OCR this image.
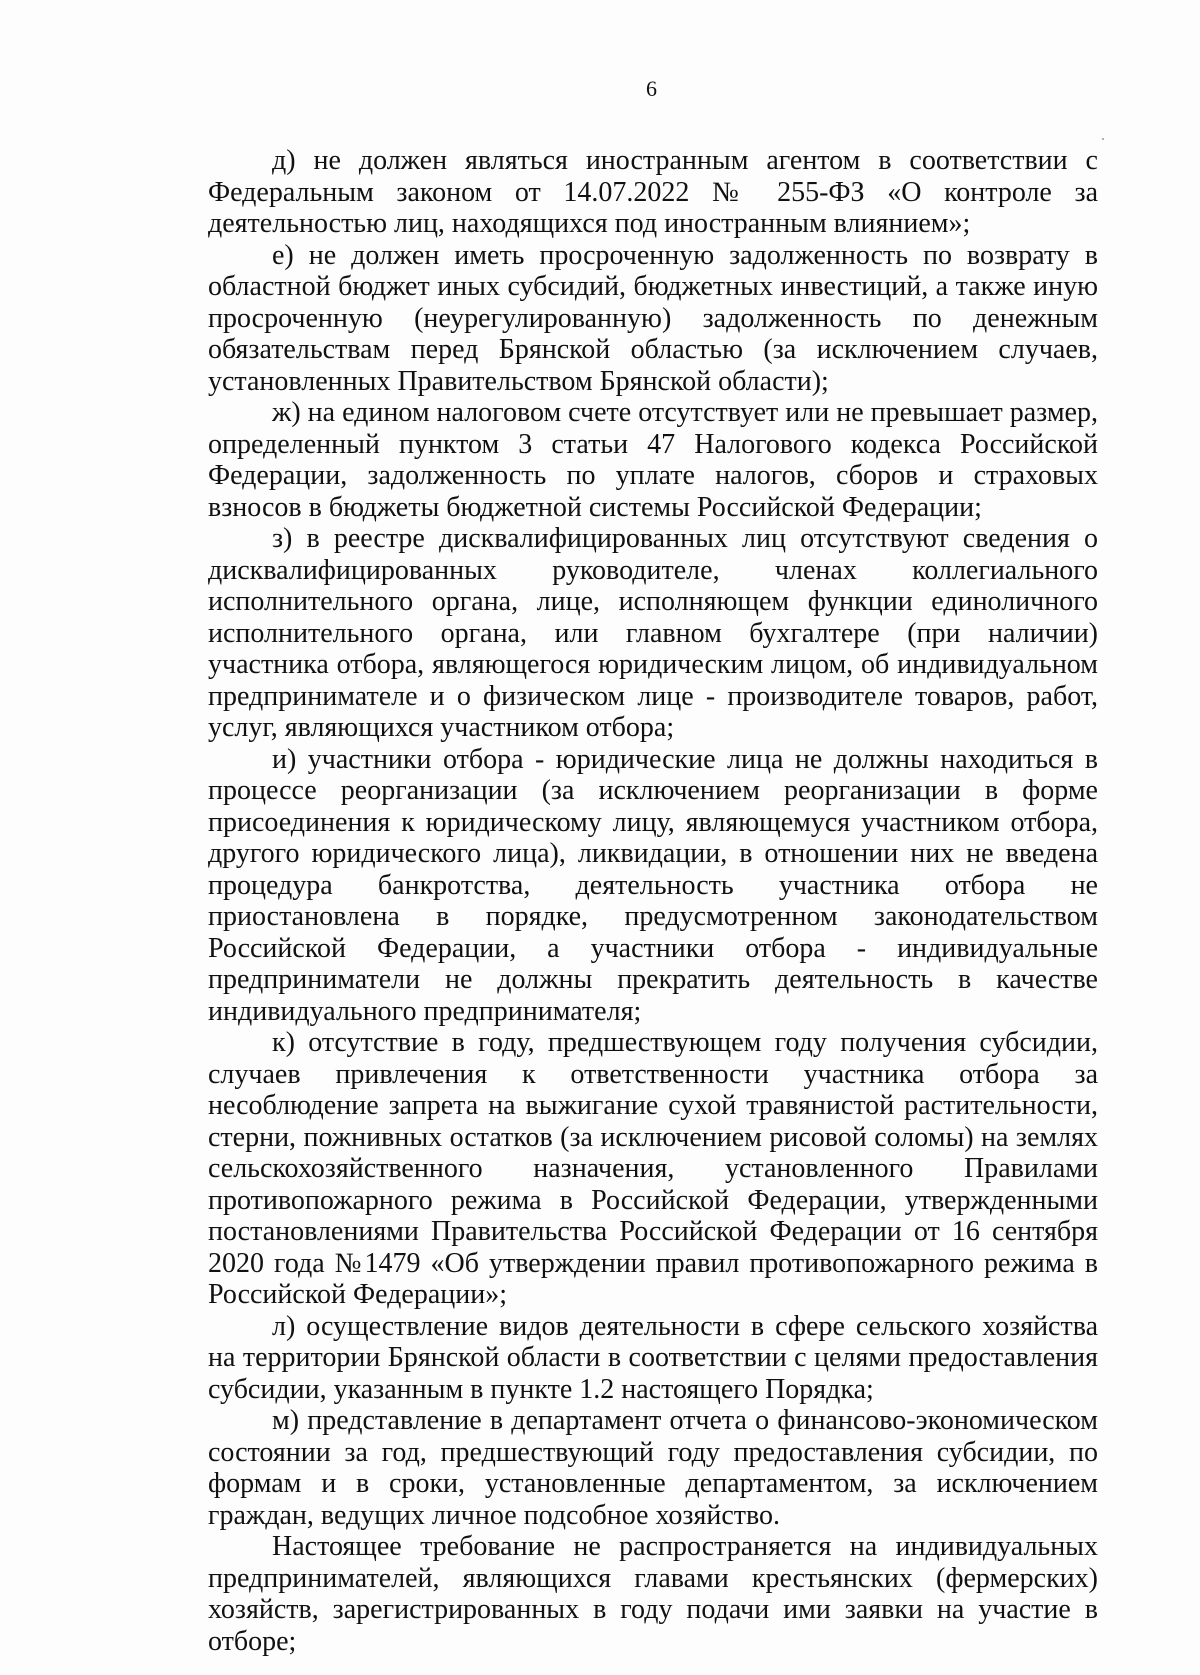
6

д) не должен являться иностранным агентом в соответствии с Федеральным законом от 14.07.2022 № 255-ФЗ «О контроле за деятельностью лиц, находящихся под иностранным влиянием»;

е) не должен иметь просроченную задолженность по возврату в областной бюджет иных субсидий, бюджетных инвестиций, а также иную просроченную (неурегулированную) задолженность по денежным обязательствам перед Брянской областью (за исключением случаев, установленных Правительством Брянской области);

ж) на едином налоговом счете отсутствует или не превышает размер, определенный пунктом 3 статьи 47 Налогового кодекса Российской Федерации, задолженность по уплате налогов, сборов и страховых взносов в бюджеты бюджетной системы Российской Федерации;

з) в реестре дисквалифицированных лиц отсутствуют сведения о дисквалифицированных руководителе, членах коллегиального исполнительного органа, лице, исполняющем функции единоличного исполнительного органа, или главном бухгалтере (при наличии) участника отбора, являющегося юридическим лицом, об индивидуальном предпринимателе и о физическом лице - производителе товаров, работ, услуг, являющихся участником отбора;

и) участники отбора - юридические лица не должны находиться в процессе реорганизации (за исключением реорганизации в форме присоединения к юридическому лицу, являющемуся участником отбора, другого юридического лица), ликвидации, в отношении них не введена процедура банкротства, деятельность участника отбора не приостановлена в порядке, предусмотренном законодательством Российской Федерации, а участники отбора - индивидуальные предприниматели не должны прекратить деятельность в качестве индивидуального предпринимателя;

к) отсутствие в году, предшествующем году получения субсидии, случаев привлечения к ответственности участника отбора за несоблюдение запрета на выжигание сухой травянистой растительности, стерни, пожнивных остатков (за исключением рисовой соломы) на землях сельскохозяйственного назначения, установленного Правилами противопожарного режима в Российской Федерации, утвержденными постановлениями Правительства Российской Федерации от 16 сентября 2020 года №1479 «Об утверждении правил противопожарного режима в Российской Федерации»;

л) осуществление видов деятельности в сфере сельского хозяйства на территории Брянской области в соответствии с целями предоставления субсидии, указанным в пункте 1.2 настоящего Порядка;

м) представление в департамент отчета о финансово-экономическом состоянии за год, предшествующий году предоставления субсидии, по формам и в сроки, установленные департаментом, за исключением граждан, ведущих личное подсобное хозяйство.

Настоящее требование не распространяется на индивидуальных предпринимателей, являющихся главами крестьянских (фермерских) хозяйств, зарегистрированных в году подачи ими заявки на участие в отборе;
